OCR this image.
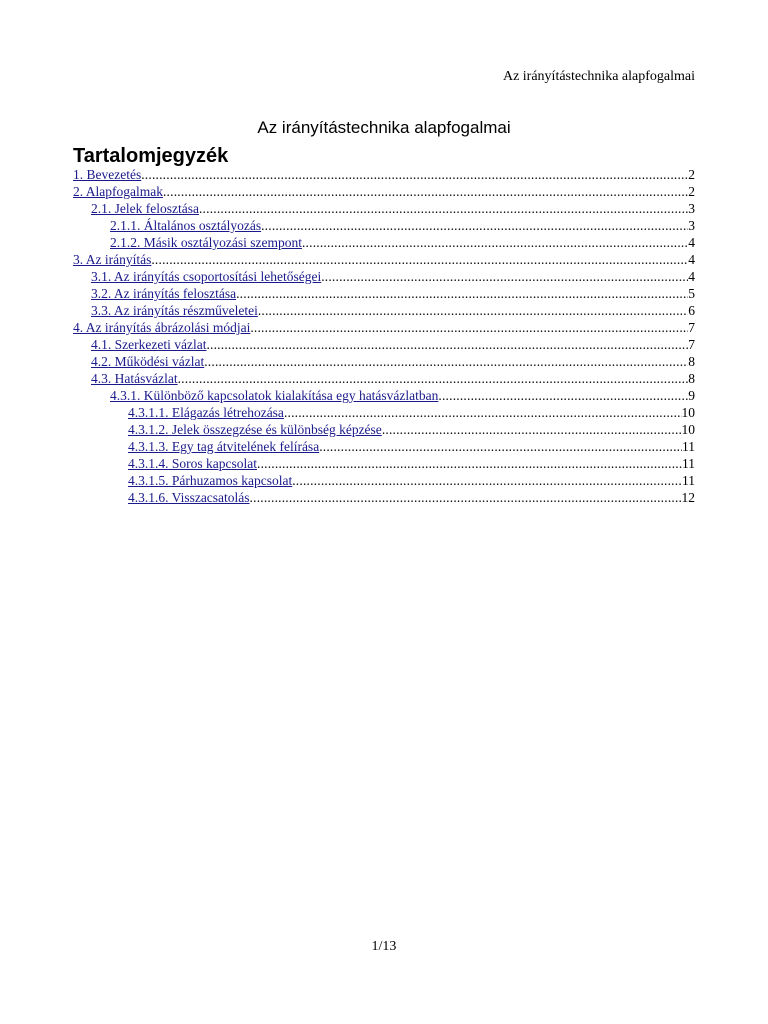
Az irányítástechnika alapfogalmai
Az irányítástechnika alapfogalmai
Tartalomjegyzék
1. Bevezetés .....	2
2. Alapfogalmak .....	2
2.1. Jelek felosztása .....	3
2.1.1. Általános osztályozás .....	3
2.1.2. Másik osztályozási szempont .....	4
3. Az irányítás .....	4
3.1. Az irányítás csoportosítási lehetőségei .....	4
3.2. Az irányítás felosztása .....	5
3.3. Az irányítás részműveletei .....	6
4. Az irányítás ábrázolási módjai .....	7
4.1. Szerkezeti vázlat .....	7
4.2. Működési vázlat .....	8
4.3. Hatásvázlat .....	8
4.3.1. Különböző kapcsolatok kialakítása egy hatásvázlatban .....	9
4.3.1.1. Elágazás létrehozása .....	10
4.3.1.2. Jelek összegzése és különbség képzése .....	10
4.3.1.3. Egy tag átvitelének felírása .....	11
4.3.1.4. Soros kapcsolat .....	11
4.3.1.5. Párhuzamos kapcsolat .....	11
4.3.1.6. Visszacsatolás .....	12
1/13
